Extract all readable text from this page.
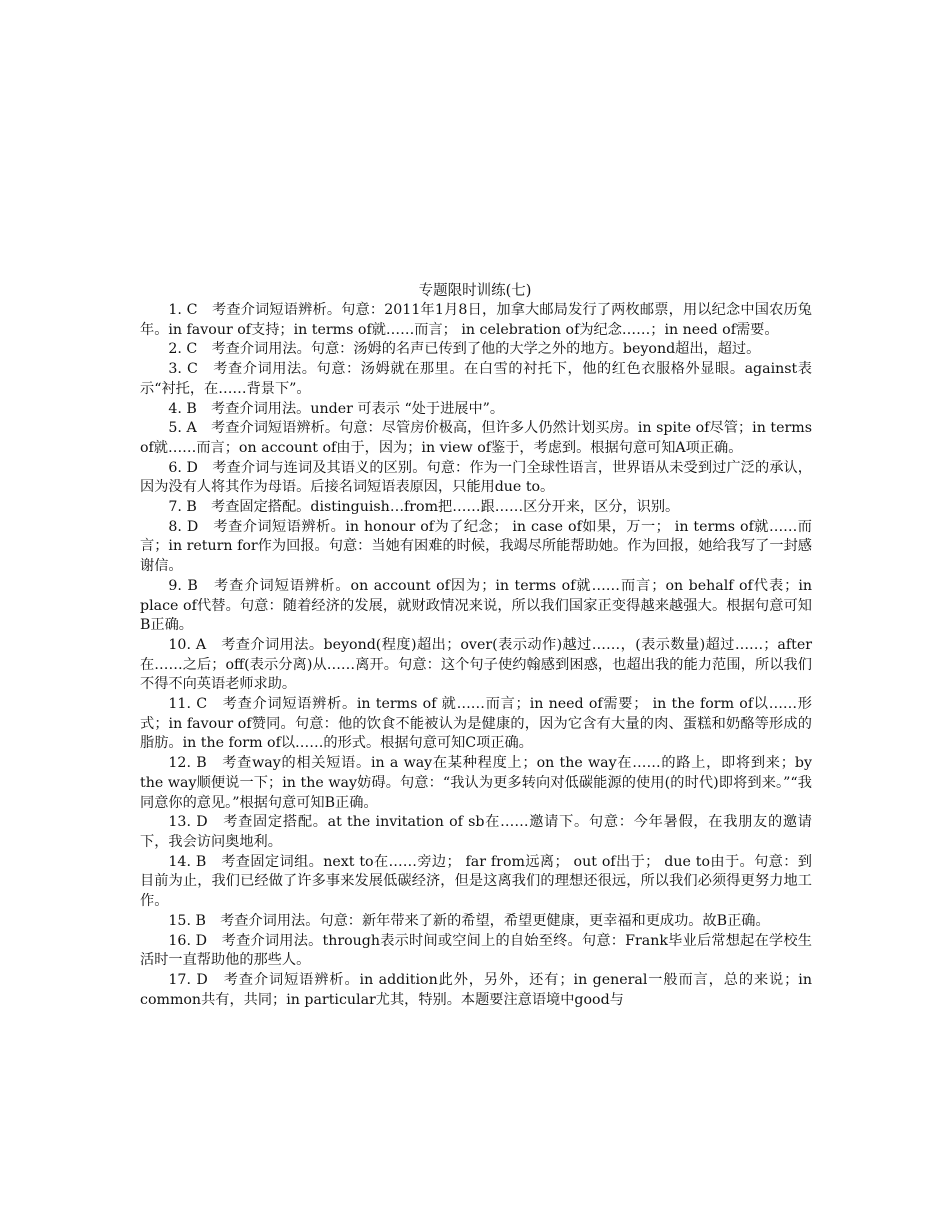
专题限时训练(七)

1. C　考查介词短语辨析。句意：2011年1月8日，加拿大邮局发行了两枚邮票，用以纪念中国农历兔年。in favour of支持；in terms of就……而言； in celebration of为纪念……；in need of需要。

2. C　考查介词用法。句意：汤姆的名声已传到了他的大学之外的地方。beyond超出，超过。

3. C　考查介词用法。句意：汤姆就在那里。在白雪的衬托下，他的红色衣服格外显眼。against表示“衬托，在……背景下”。

4. B　考查介词用法。under 可表示 “处于进展中”。

5. A　考查介词短语辨析。句意：尽管房价极高，但许多人仍然计划买房。in spite of尽管；in terms of就……而言；on account of由于，因为；in view of鉴于，考虑到。根据句意可知A项正确。

6. D　考查介词与连词及其语义的区别。句意：作为一门全球性语言，世界语从未受到过广泛的承认，因为没有人将其作为母语。后接名词短语表原因，只能用due to。

7. B　考查固定搭配。distinguish…from把……跟……区分开来，区分，识别。

8. D　考查介词短语辨析。in honour of为了纪念； in case of如果，万一； in terms of就……而言；in return for作为回报。句意：当她有困难的时候，我竭尽所能帮助她。作为回报，她给我写了一封感谢信。

9. B　考查介词短语辨析。on account of因为；in terms of就……而言；on behalf of代表；in place of代替。句意：随着经济的发展，就财政情况来说，所以我们国家正变得越来越强大。根据句意可知B正确。

10. A　考查介词用法。beyond(程度)超出；over(表示动作)越过……，(表示数量)超过……；after在……之后；off(表示分离)从……离开。句意：这个句子使约翰感到困惑，也超出我的能力范围，所以我们不得不向英语老师求助。

11. C　考查介词短语辨析。in terms of 就……而言；in need of需要； in the form of以……形式；in favour of赞同。句意：他的饮食不能被认为是健康的，因为它含有大量的肉、蛋糕和奶酪等形成的脂肪。in the form of以……的形式。根据句意可知C项正确。

12. B　考查way的相关短语。in a way在某种程度上；on the way在……的路上，即将到来；by the way顺便说一下；in the way妨碍。句意：“我认为更多转向对低碳能源的使用(的时代)即将到来。”“我同意你的意见。”根据句意可知B正确。

13. D　考查固定搭配。at the invitation of sb在……邀请下。句意：今年暑假，在我朋友的邀请下，我会访问奥地利。

14. B　考查固定词组。next to在……旁边； far from远离； out of出于； due to由于。句意：到目前为止，我们已经做了许多事来发展低碳经济，但是这离我们的理想还很远，所以我们必须得更努力地工作。

15. B　考查介词用法。句意：新年带来了新的希望，希望更健康，更幸福和更成功。故B正确。

16. D　考查介词用法。through表示时间或空间上的自始至终。句意：Frank毕业后常想起在学校生活时一直帮助他的那些人。

17. D　考查介词短语辨析。in addition此外，另外，还有；in general一般而言，总的来说；in common共有，共同；in particular尤其，特别。本题要注意语境中good与
